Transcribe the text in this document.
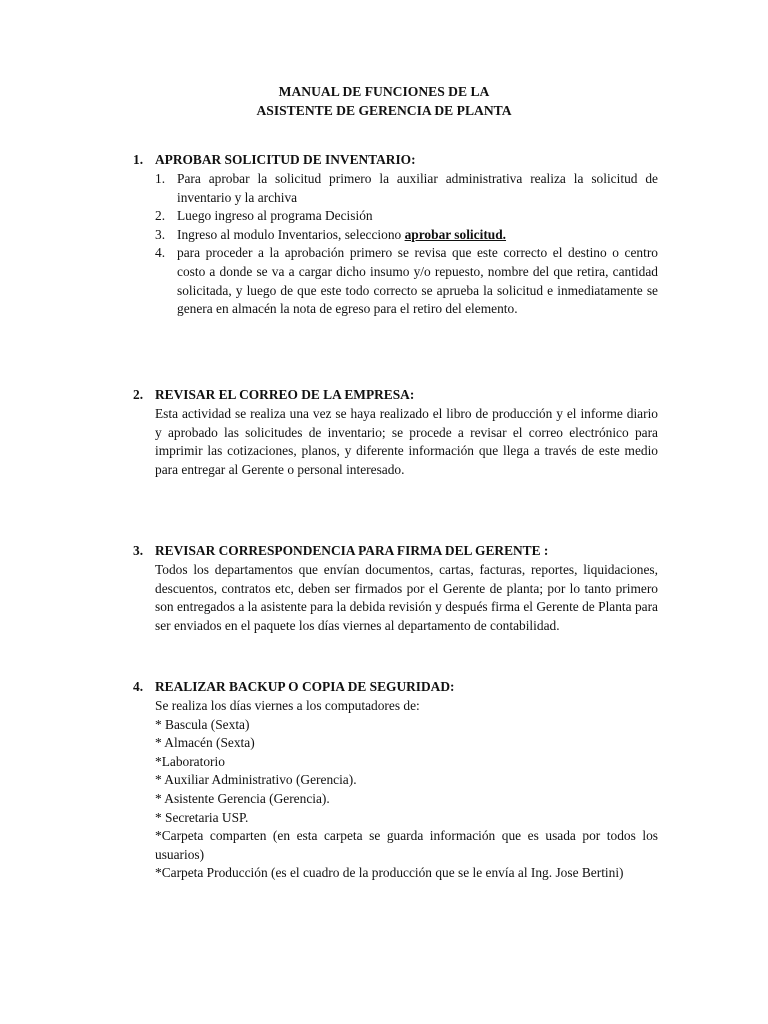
MANUAL DE FUNCIONES DE LA
ASISTENTE DE GERENCIA DE PLANTA
1. APROBAR SOLICITUD DE INVENTARIO:
1. Para aprobar la solicitud primero la auxiliar administrativa realiza la solicitud de inventario y la archiva
2. Luego ingreso al programa Decisión
3. Ingreso al modulo Inventarios, selecciono aprobar solicitud.
4. para proceder a la aprobación primero se revisa que este correcto el destino o centro costo a donde se va a cargar dicho insumo y/o repuesto, nombre del que retira, cantidad solicitada, y luego de que este todo correcto se aprueba la solicitud e inmediatamente se genera en almacén la nota de egreso para el retiro del elemento.
2. REVISAR EL CORREO DE LA EMPRESA:
Esta actividad se realiza una vez se haya realizado el libro de producción y el informe diario y aprobado las solicitudes de inventario; se procede a revisar el correo electrónico para imprimir las cotizaciones, planos, y diferente información que llega a través de este medio para entregar al Gerente o personal interesado.
3. REVISAR CORRESPONDENCIA PARA FIRMA DEL GERENTE :
Todos los departamentos que envían documentos, cartas, facturas, reportes, liquidaciones, descuentos, contratos etc, deben ser firmados por el Gerente de planta; por lo tanto primero son entregados a la asistente para la debida revisión y después firma el Gerente de Planta para ser enviados en el paquete los días viernes al departamento de contabilidad.
4. REALIZAR BACKUP O COPIA DE SEGURIDAD:
Se realiza los días viernes a los computadores de:
* Bascula (Sexta)
* Almacén (Sexta)
*Laboratorio
* Auxiliar Administrativo (Gerencia).
* Asistente Gerencia (Gerencia).
* Secretaria USP.
*Carpeta comparten (en esta carpeta se guarda información que es usada por todos los usuarios)
*Carpeta Producción (es el cuadro de la producción que se le envía al Ing. Jose Bertini)
